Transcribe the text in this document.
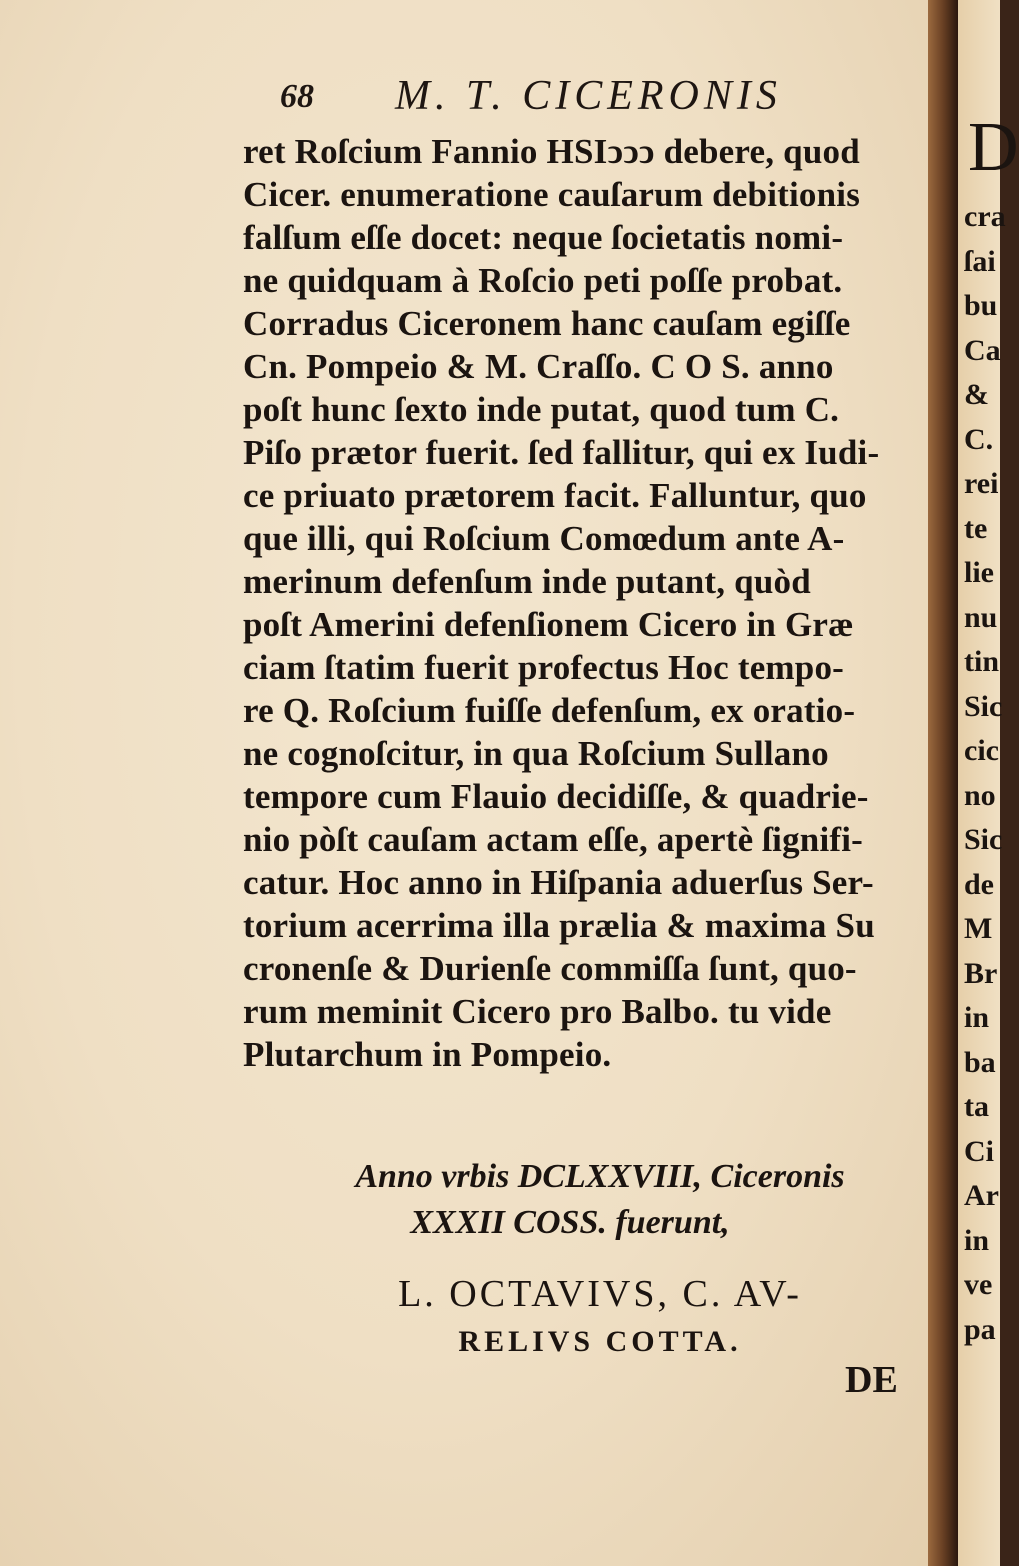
68 M. T. CICERONIS
ret Roſcium Fannio HSIↄↄↄ debere, quod
Cicer. enumeratione cauſarum debitionis
falſum eſſe docet: neque ſocietatis nomi-
ne quidquam à Roſcio peti poſſe probat.
Corradus Ciceronem hanc cauſam egiſſe
Cn. Pompeio & M. Craſſo. C O S. anno
poſt hunc ſexto inde putat, quod tum C.
Piſo prætor fuerit. ſed fallitur, qui ex Iudi-
ce priuato prætorem facit. Falluntur, quo
que illi, qui Roſcium Comœdum ante A-
merinum defenſum inde putant, quòd
poſt Amerini defenſionem Cicero in Græ
ciam ſtatim fuerit profectus Hoc tempo-
re Q. Roſcium fuiſſe defenſum, ex oratio-
ne cognoſcitur, in qua Roſcium Sullano
tempore cum Flauio decidiſſe, & quadrie-
nio pòſt cauſam actam eſſe, apertè ſignifi-
catur. Hoc anno in Hiſpania aduerſus Ser-
torium acerrima illa prælia & maxima Su
cronenſe & Durienſe commiſſa ſunt, quo-
rum meminit Cicero pro Balbo. tu vide
Plutarchum in Pompeio.
Anno vrbis DCLXXVIII, Ciceronis
XXXII COSS. fuerunt,
L. OCTAVIVS, C. AV-
RELIVS COTTA.
DE
D
cra
ſai
bu
Ca
&
C.
rei
te
lie
nu
tin
Sic
cic
no
Sic
de
M
Br
in
ba
ta
Ci
Ar
in
ve
pa
